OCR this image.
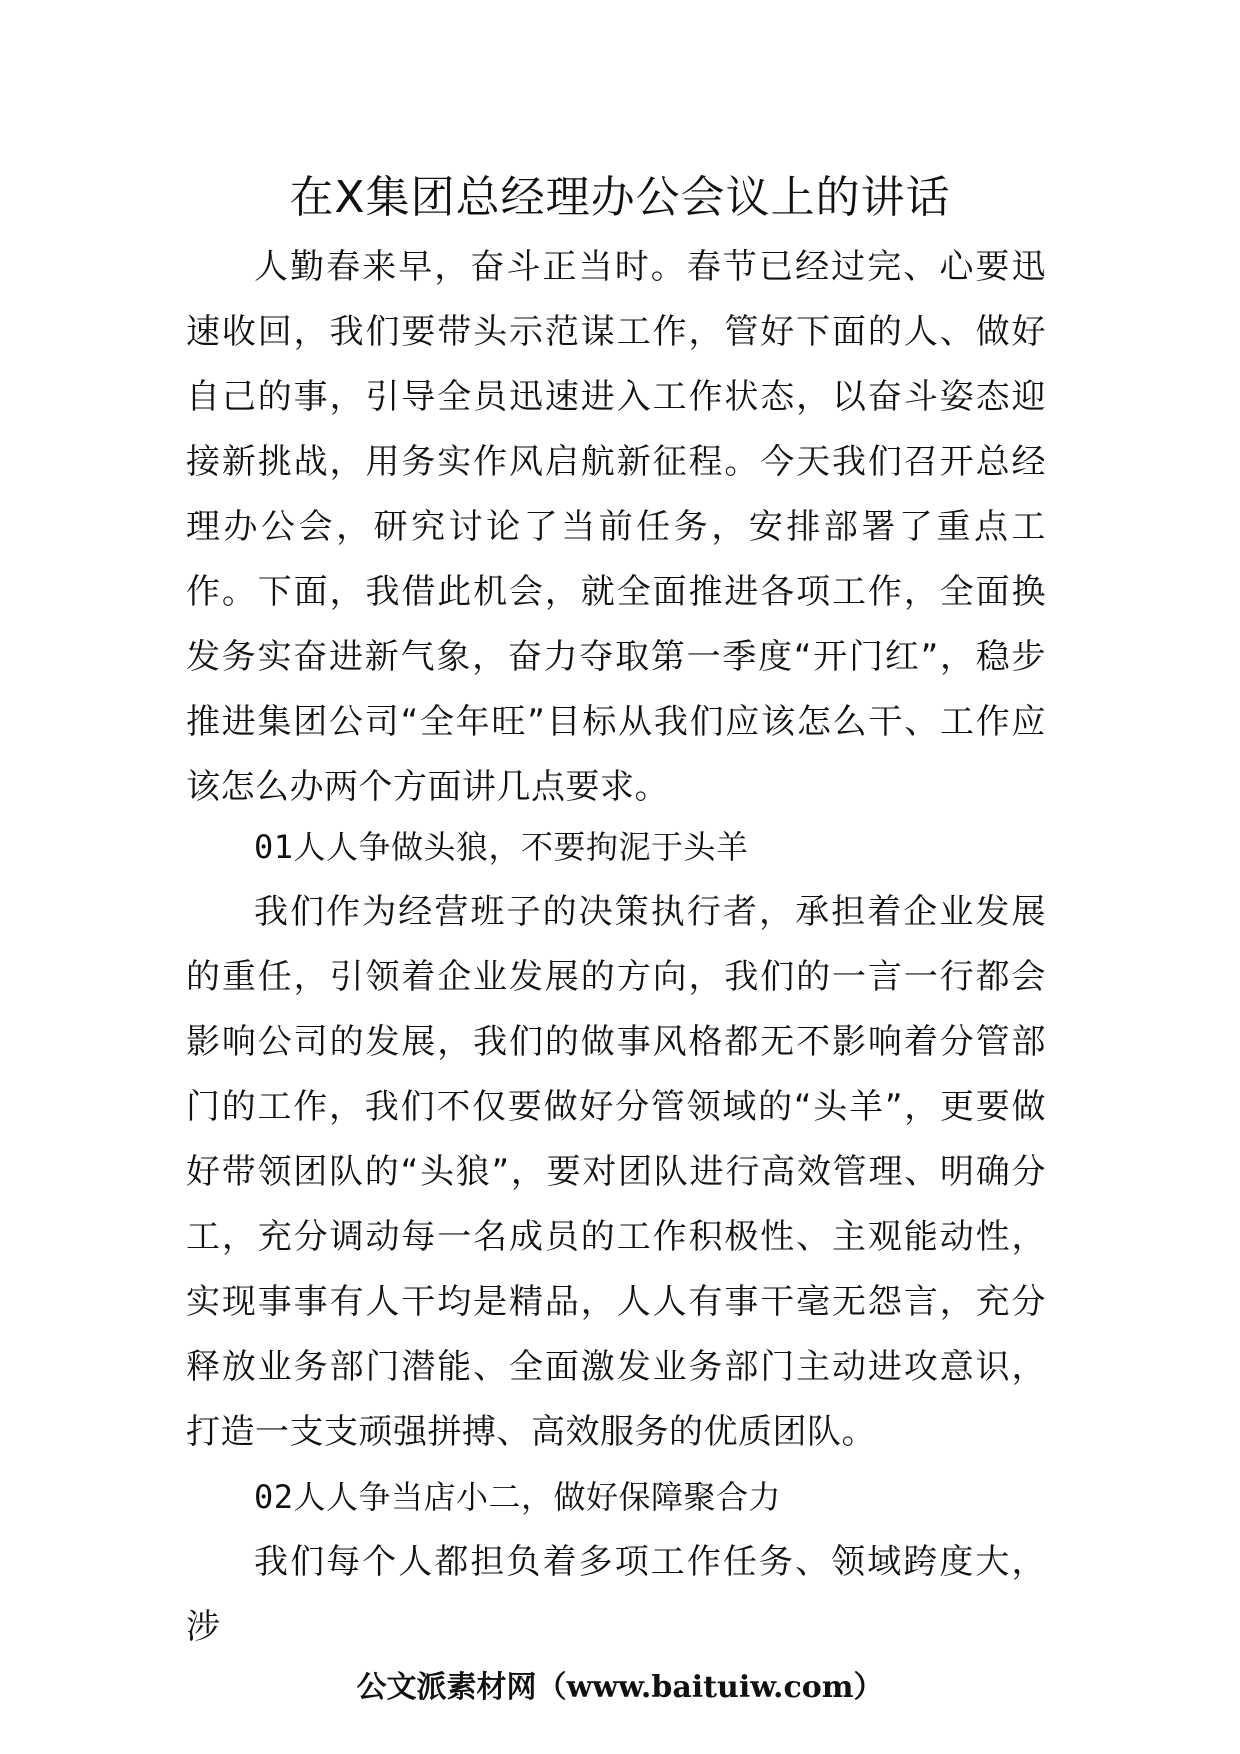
在X集团总经理办公会议上的讲话

人勤春来早，奋斗正当时。春节已经过完、心要迅速收回，我们要带头示范谋工作，管好下面的人、做好自己的事，引导全员迅速进入工作状态，以奋斗姿态迎接新挑战，用务实作风启航新征程。今天我们召开总经理办公会，研究讨论了当前任务，安排部署了重点工作。下面，我借此机会，就全面推进各项工作，全面换发务实奋进新气象，奋力夺取第一季度“开门红”，稳步推进集团公司“全年旺”目标从我们应该怎么干、工作应该怎么办两个方面讲几点要求。

01人人争做头狼，不要拘泥于头羊

我们作为经营班子的决策执行者，承担着企业发展的重任，引领着企业发展的方向，我们的一言一行都会影响公司的发展，我们的做事风格都无不影响着分管部门的工作，我们不仅要做好分管领域的“头羊”，更要做好带领团队的“头狼”，要对团队进行高效管理、明确分工，充分调动每一名成员的工作积极性、主观能动性，实现事事有人干均是精品，人人有事干毫无怨言，充分释放业务部门潜能、全面激发业务部门主动进攻意识，打造一支支顽强拼搏、高效服务的优质团队。

02人人争当店小二，做好保障聚合力

我们每个人都担负着多项工作任务、领域跨度大，涉

公文派素材网（www.baituiw.com）
